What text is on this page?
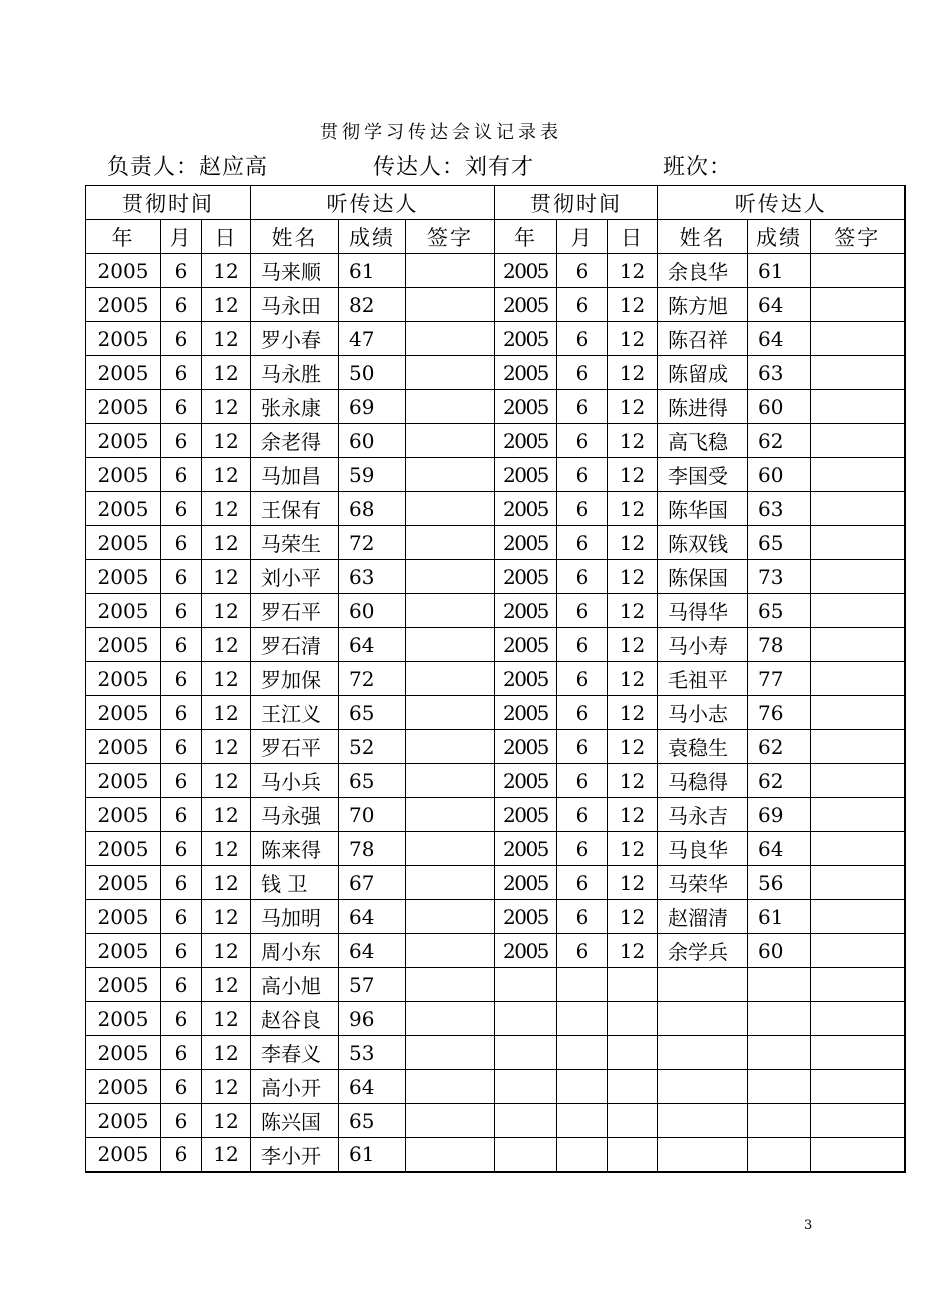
贯彻学习传达会议记录表
负责人：赵应高	传达人：刘有才	班次：
贯彻时间			听传达人			贯彻时间			听传达人		
年	月	日	姓名	成绩	签字	年	月	日	姓名	成绩	签字
2005	6	12	马来顺	61		2005	6	12	余良华	61	
2005	6	12	马永田	82		2005	6	12	陈方旭	64	
2005	6	12	罗小春	47		2005	6	12	陈召祥	64	
2005	6	12	马永胜	50		2005	6	12	陈留成	63	
2005	6	12	张永康	69		2005	6	12	陈进得	60	
2005	6	12	余老得	60		2005	6	12	高飞稳	62	
2005	6	12	马加昌	59		2005	6	12	李国受	60	
2005	6	12	王保有	68		2005	6	12	陈华国	63	
2005	6	12	马荣生	72		2005	6	12	陈双钱	65	
2005	6	12	刘小平	63		2005	6	12	陈保国	73	
2005	6	12	罗石平	60		2005	6	12	马得华	65	
2005	6	12	罗石清	64		2005	6	12	马小寿	78	
2005	6	12	罗加保	72		2005	6	12	毛祖平	77	
2005	6	12	王江义	65		2005	6	12	马小志	76	
2005	6	12	罗石平	52		2005	6	12	袁稳生	62	
2005	6	12	马小兵	65		2005	6	12	马稳得	62	
2005	6	12	马永强	70		2005	6	12	马永吉	69	
2005	6	12	陈来得	78		2005	6	12	马良华	64	
2005	6	12	钱 卫	67		2005	6	12	马荣华	56	
2005	6	12	马加明	64		2005	6	12	赵溜清	61	
2005	6	12	周小东	64		2005	6	12	余学兵	60	
2005	6	12	高小旭	57							
2005	6	12	赵谷良	96							
2005	6	12	李春义	53							
2005	6	12	高小开	64							
2005	6	12	陈兴国	65							
2005	6	12	李小开	61							
3
